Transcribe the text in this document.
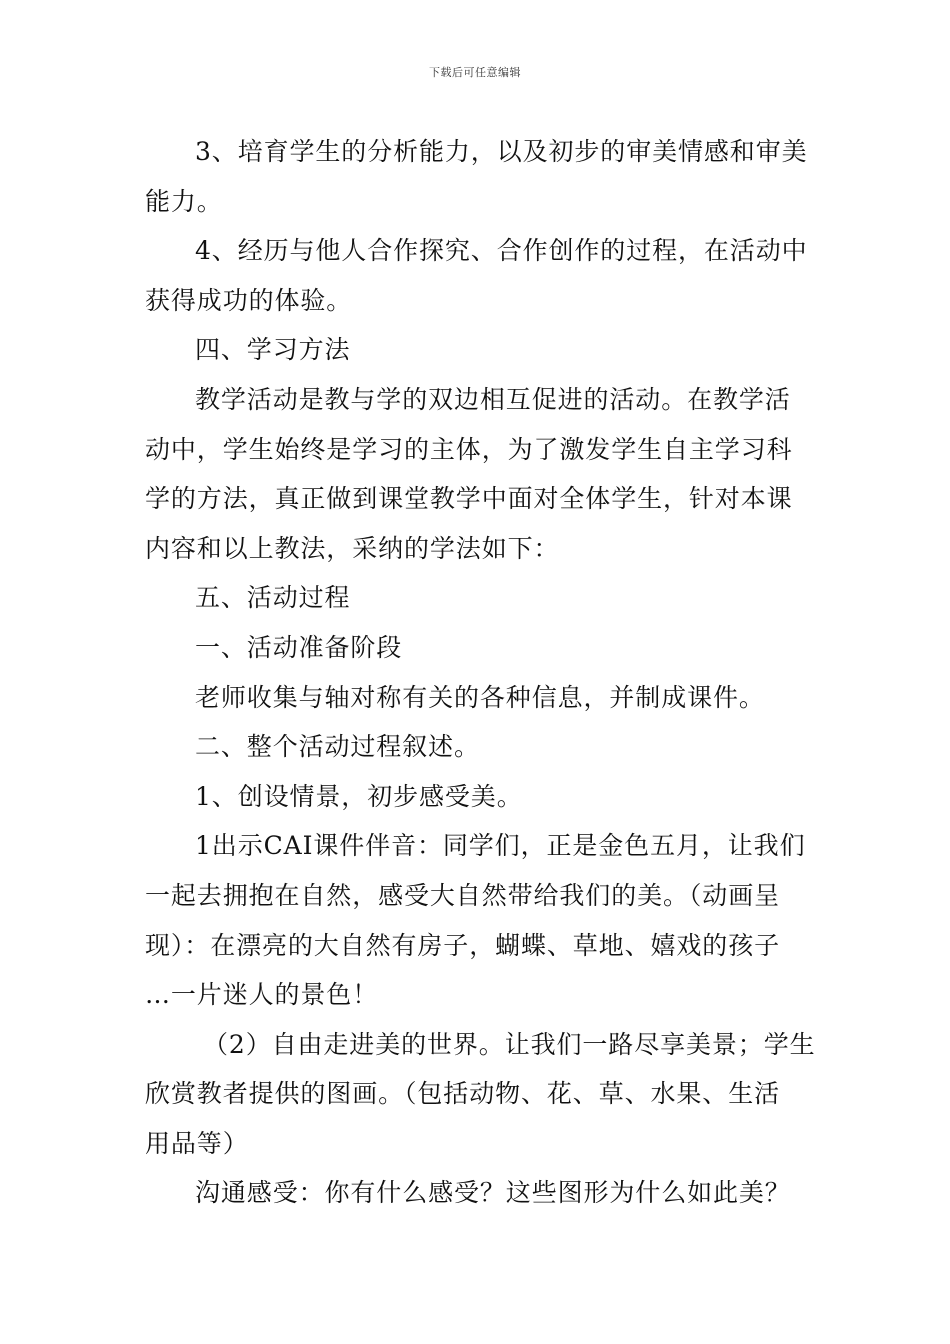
下载后可任意编辑
3、培育学生的分析能力，以及初步的审美情感和审美
能力。
4、经历与他人合作探究、合作创作的过程，在活动中
获得成功的体验。
四、学习方法
教学活动是教与学的双边相互促进的活动。在教学活
动中，学生始终是学习的主体，为了激发学生自主学习科
学的方法，真正做到课堂教学中面对全体学生，针对本课
内容和以上教法，采纳的学法如下：
五、活动过程
一、活动准备阶段
老师收集与轴对称有关的各种信息，并制成课件。
二、整个活动过程叙述。
1、创设情景，初步感受美。
1出示CAI课件伴音：同学们，正是金色五月，让我们
一起去拥抱在自然，感受大自然带给我们的美。（动画呈
现）：在漂亮的大自然有房子，蝴蝶、草地、嬉戏的孩子
…一片迷人的景色！
（2）自由走进美的世界。让我们一路尽享美景；学生
欣赏教者提供的图画。（包括动物、花、草、水果、生活
用品等）
沟通感受：你有什么感受？这些图形为什么如此美？
